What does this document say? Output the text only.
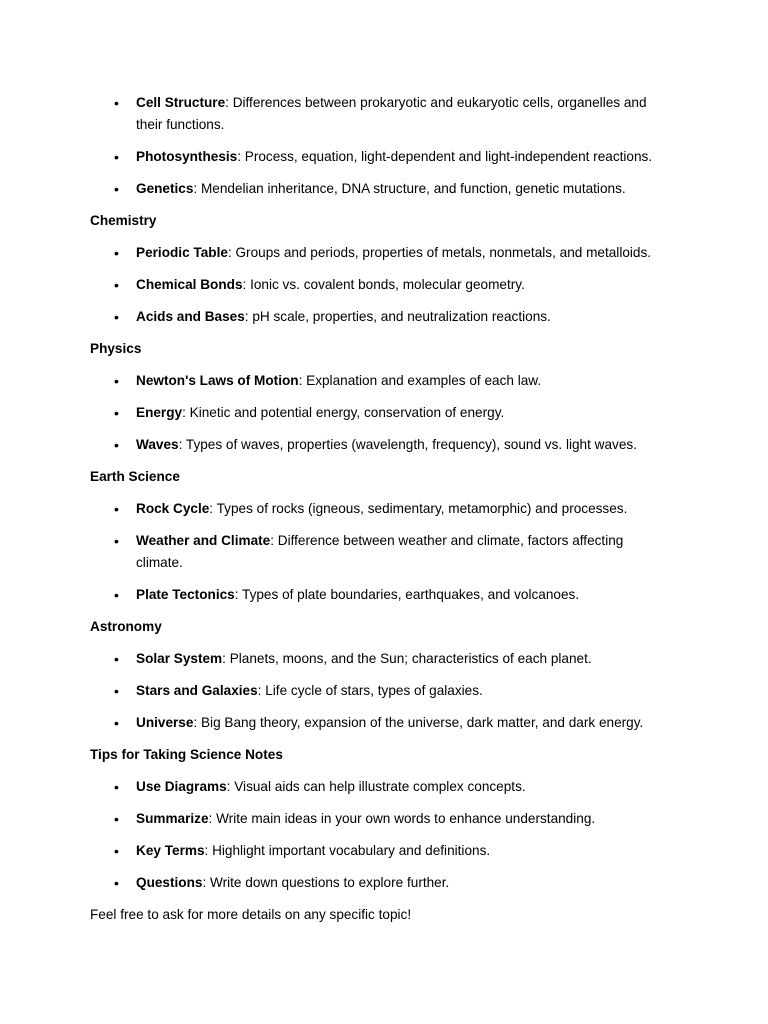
• Cell Structure: Differences between prokaryotic and eukaryotic cells, organelles and their functions.
• Photosynthesis: Process, equation, light-dependent and light-independent reactions.
• Genetics: Mendelian inheritance, DNA structure, and function, genetic mutations.
Chemistry
• Periodic Table: Groups and periods, properties of metals, nonmetals, and metalloids.
• Chemical Bonds: Ionic vs. covalent bonds, molecular geometry.
• Acids and Bases: pH scale, properties, and neutralization reactions.
Physics
• Newton's Laws of Motion: Explanation and examples of each law.
• Energy: Kinetic and potential energy, conservation of energy.
• Waves: Types of waves, properties (wavelength, frequency), sound vs. light waves.
Earth Science
• Rock Cycle: Types of rocks (igneous, sedimentary, metamorphic) and processes.
• Weather and Climate: Difference between weather and climate, factors affecting climate.
• Plate Tectonics: Types of plate boundaries, earthquakes, and volcanoes.
Astronomy
• Solar System: Planets, moons, and the Sun; characteristics of each planet.
• Stars and Galaxies: Life cycle of stars, types of galaxies.
• Universe: Big Bang theory, expansion of the universe, dark matter, and dark energy.
Tips for Taking Science Notes
• Use Diagrams: Visual aids can help illustrate complex concepts.
• Summarize: Write main ideas in your own words to enhance understanding.
• Key Terms: Highlight important vocabulary and definitions.
• Questions: Write down questions to explore further.

Feel free to ask for more details on any specific topic!
